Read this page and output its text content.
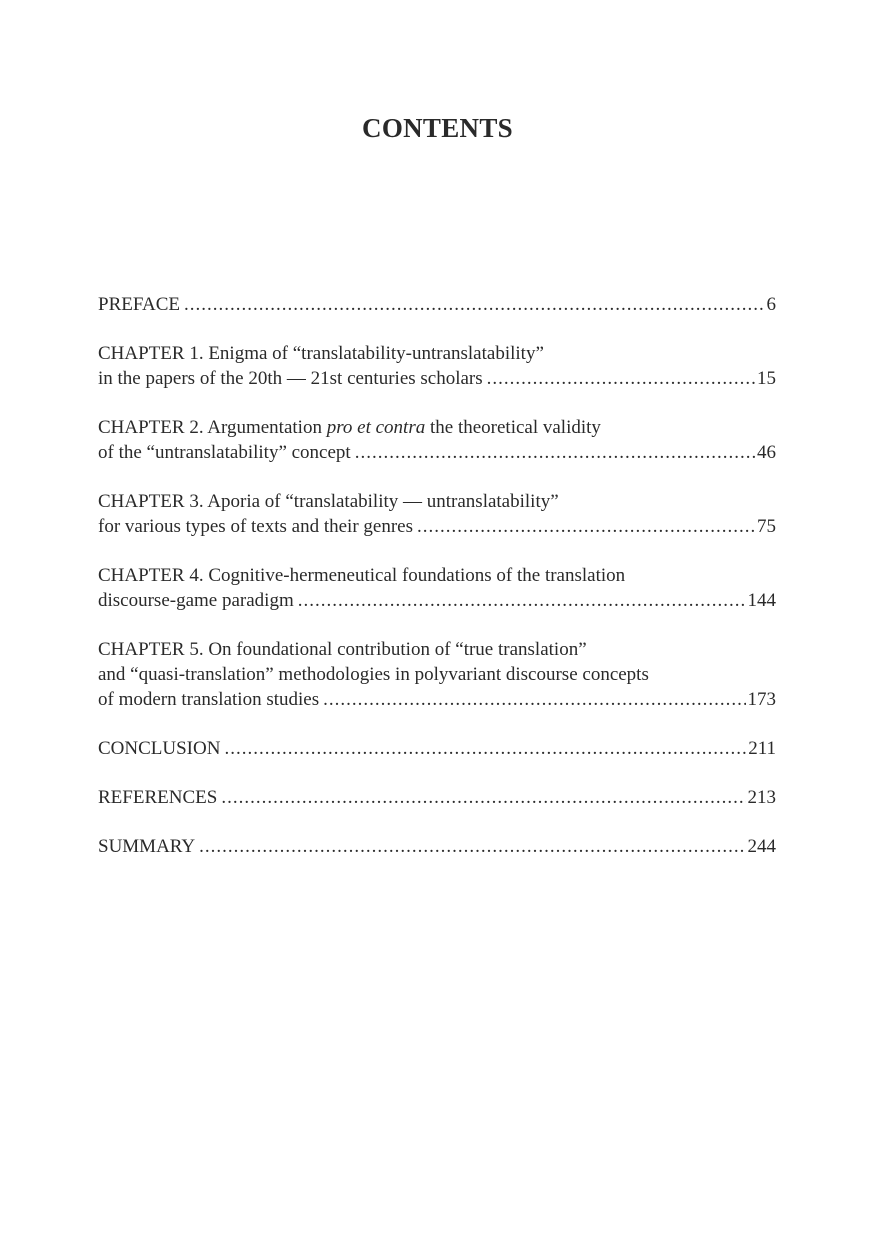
CONTENTS
PREFACE .....	6
CHAPTER 1. Enigma of “translatability-untranslatability”
in the papers of the 20th — 21st centuries scholars .....	15
CHAPTER 2. Argumentation pro et contra the theoretical validity
of the “untranslatability” concept .....	46
CHAPTER 3. Aporia of “translatability — untranslatability”
for various types of texts and their genres .....	75
CHAPTER 4. Cognitive-hermeneutical foundations of the translation
discourse-game paradigm .....	144
CHAPTER 5. On foundational contribution of “true translation”
and “quasi-translation” methodologies in polyvariant discourse concepts
of modern translation studies .....	173
CONCLUSION .....	211
REFERENCES .....	213
SUMMARY .....	244
